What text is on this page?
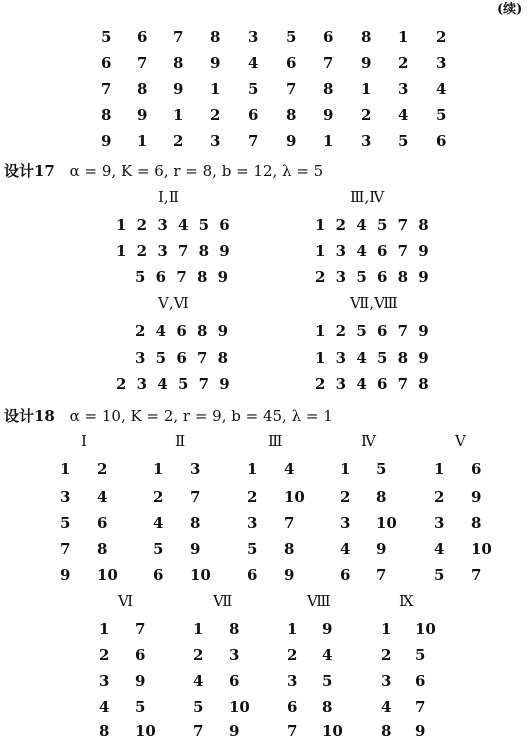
(续)
5 6 7 8 3 5 6 8 1 2
6 7 8 9 4 6 7 9 2 3
7 8 9 1 5 7 8 1 3 4
8 9 1 2 6 8 9 2 4 5
9 1 2 3 7 9 1 3 5 6
设计17 α = 9, K = 6, r = 8, b = 12, λ = 5
Ⅰ,Ⅱ
1 2 3 4 5 6
1 2 3 7 8 9
5 6 7 8 9
Ⅲ,Ⅳ
1 2 4 5 7 8
1 3 4 6 7 9
2 3 5 6 8 9
Ⅴ,Ⅵ
2 4 6 8 9
3 5 6 7 8
2 3 4 5 7 9
Ⅶ,Ⅷ
1 2 5 6 7 9
1 3 4 5 8 9
2 3 4 6 7 8
设计18 α = 10, K = 2, r = 9, b = 45, λ = 1
Ⅰ
1 2
3 4
5 6
7 8
9 10
Ⅱ
1 3
2 7
4 8
5 9
6 10
Ⅲ
1 4
2 10
3 7
5 8
6 9
Ⅳ
1 5
2 8
3 10
4 9
6 7
Ⅴ
1 6
2 9
3 8
4 10
5 7
Ⅵ
1 7
2 6
3 9
4 5
8 10
Ⅶ
1 8
2 3
4 6
5 10
7 9
Ⅷ
1 9
2 4
3 5
6 8
7 10
Ⅸ
1 10
2 5
3 6
4 7
8 9
